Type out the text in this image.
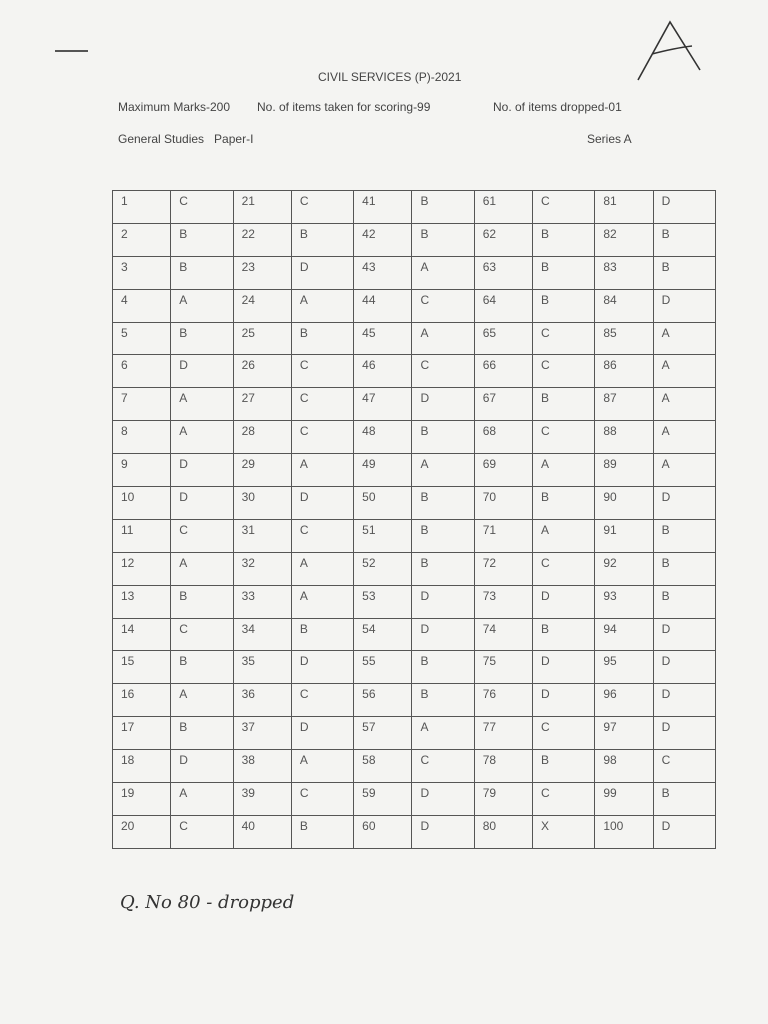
CIVIL SERVICES (P)-2021
Maximum Marks-200 No. of items taken for scoring-99	No. of items dropped-01
General Studies   Paper-I	Series A
1	C	21	C	41	B	61	C	81	D
2	B	22	B	42	B	62	B	82	B
3	B	23	D	43	A	63	B	83	B
4	A	24	A	44	C	64	B	84	D
5	B	25	B	45	A	65	C	85	A
6	D	26	C	46	C	66	C	86	A
7	A	27	C	47	D	67	B	87	A
8	A	28	C	48	B	68	C	88	A
9	D	29	A	49	A	69	A	89	A
10	D	30	D	50	B	70	B	90	D
11	C	31	C	51	B	71	A	91	B
12	A	32	A	52	B	72	C	92	B
13	B	33	A	53	D	73	D	93	B
14	C	34	B	54	D	74	B	94	D
15	B	35	D	55	B	75	D	95	D
16	A	36	C	56	B	76	D	96	D
17	B	37	D	57	A	77	C	97	D
18	D	38	A	58	C	78	B	98	C
19	A	39	C	59	D	79	C	99	B
20	C	40	B	60	D	80	X	100	D
Q. No 80 - dropped
